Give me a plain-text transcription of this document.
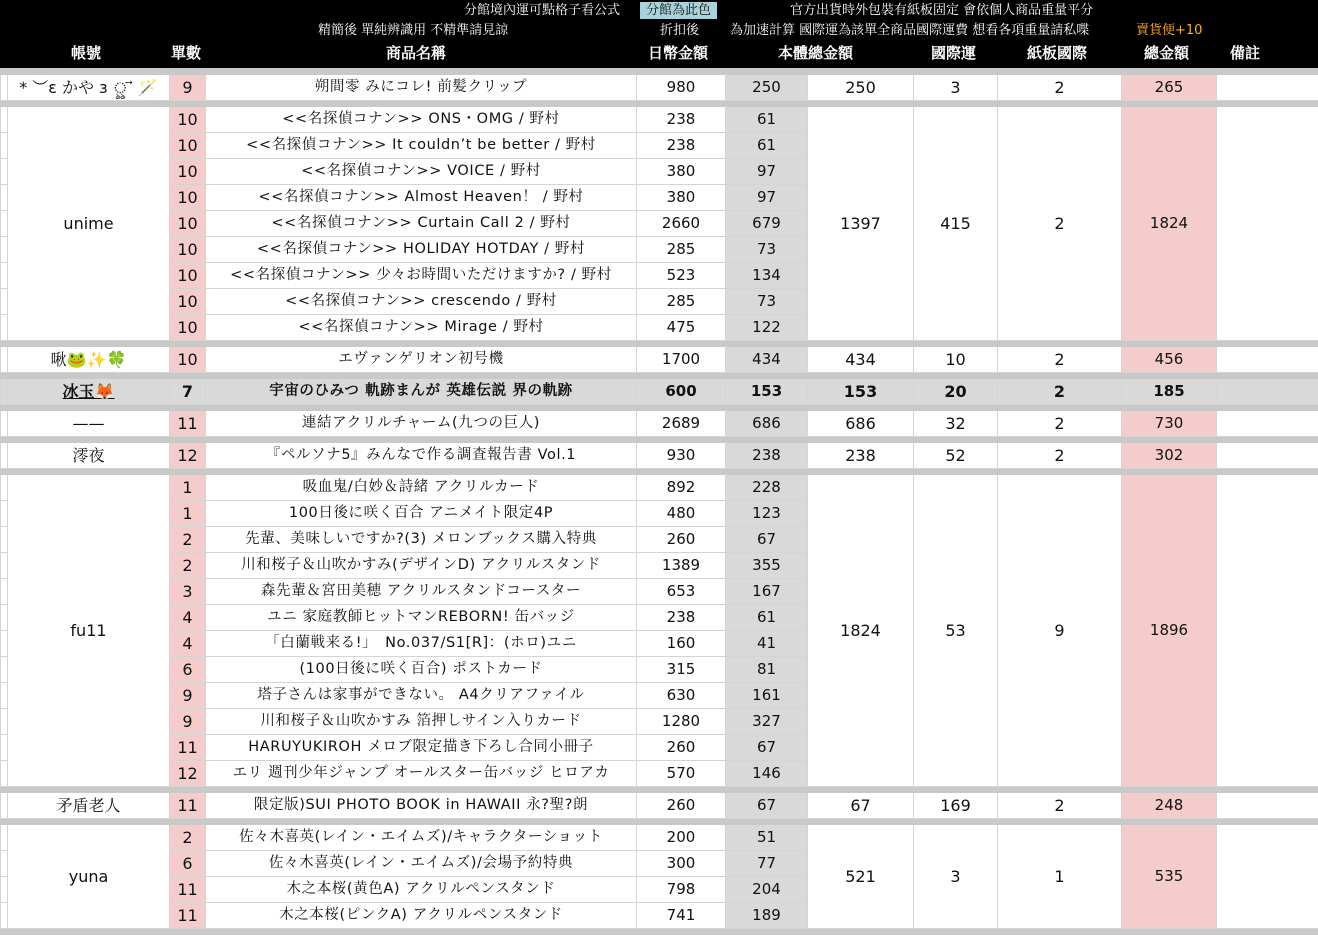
分館境內運可點格子看公式	分館為此色	官方出貨時外包裝有紙板固定 會依個人商品重量平分
精簡後 單純辨識用 不精準請見諒	折扣後 為加速計算 國際運為該單全商品國際運費 想看各項重量請私喋	賣貨便+10
帳號	單數	商品名稱	日幣金額	本體總金額	國際運	紙板國際	總金額	備註

	* ︶ε かや з ৣ ⃗ 🪄	9	朔間零 みにコレ! 前髪クリップ	980	250	250	3	2	265	

	unime	10	<<名探偵コナン>> ONS・OMG / 野村	238	61	1397	415	2	1824	
		10	<<名探偵コナン>> It couldn’t be better / 野村	238	61					
		10	<<名探偵コナン>> VOICE / 野村	380	97					
		10	<<名探偵コナン>> Almost Heaven！ / 野村	380	97					
		10	<<名探偵コナン>> Curtain Call 2 / 野村	2660	679					
		10	<<名探偵コナン>> HOLIDAY HOTDAY / 野村	285	73					
		10	<<名探偵コナン>> 少々お時間いただけますか? / 野村	523	134					
		10	<<名探偵コナン>> crescendo / 野村	285	73					
		10	<<名探偵コナン>> Mirage / 野村	475	122					

	啾🐸✨🍀	10	エヴァンゲリオン初号機	1700	434	434	10	2	456	

	冰玉🦊	7	宇宙のひみつ 軌跡まんが 英雄伝説 界の軌跡	600	153	153	20	2	185	

	——	11	連結アクリルチャーム(九つの巨人)	2689	686	686	32	2	730	

	澪夜	12	『ペルソナ5』みんなで作る調査報告書 Vol.1	930	238	238	52	2	302	

	fu11	1	吸血鬼/白妙＆詩緒 アクリルカード	892	228	1824	53	9	1896	
		1	100日後に咲く百合 アニメイト限定4P	480	123					
		2	先輩、美味しいですか?(3) メロンブックス購入特典	260	67					
		2	川和桜子＆山吹かすみ(デザインD) アクリルスタンド	1389	355					
		3	森先輩＆宮田美穂 アクリルスタンドコースター	653	167					
		4	ユニ 家庭教師ヒットマンREBORN! 缶バッジ	238	61					
		4	「白蘭戦来る!」　No.037/S1[R]：(ホロ)ユニ	160	41					
		6	(100日後に咲く百合) ポストカード	315	81					
		9	塔子さんは家事ができない。 A4クリアファイル	630	161					
		9	川和桜子＆山吹かすみ 箔押しサイン入りカード	1280	327					
		11	HARUYUKIROH メロブ限定描き下ろし合同小冊子	260	67					
		12	エリ 週刊少年ジャンプ オールスター缶バッジ ヒロアカ	570	146					

	矛盾老人	11	限定版)SUI PHOTO BOOK in HAWAII 永?聖?朗	260	67	67	169	2	248	

	yuna	2	佐々木喜英(レイン・エイムズ)/キャラクターショット	200	51	521	3	1	535	
		6	佐々木喜英(レイン・エイムズ)/会場予約特典	300	77					
		11	木之本桜(黄色A) アクリルペンスタンド	798	204					
		11	木之本桜(ピンクA) アクリルペンスタンド	741	189					
